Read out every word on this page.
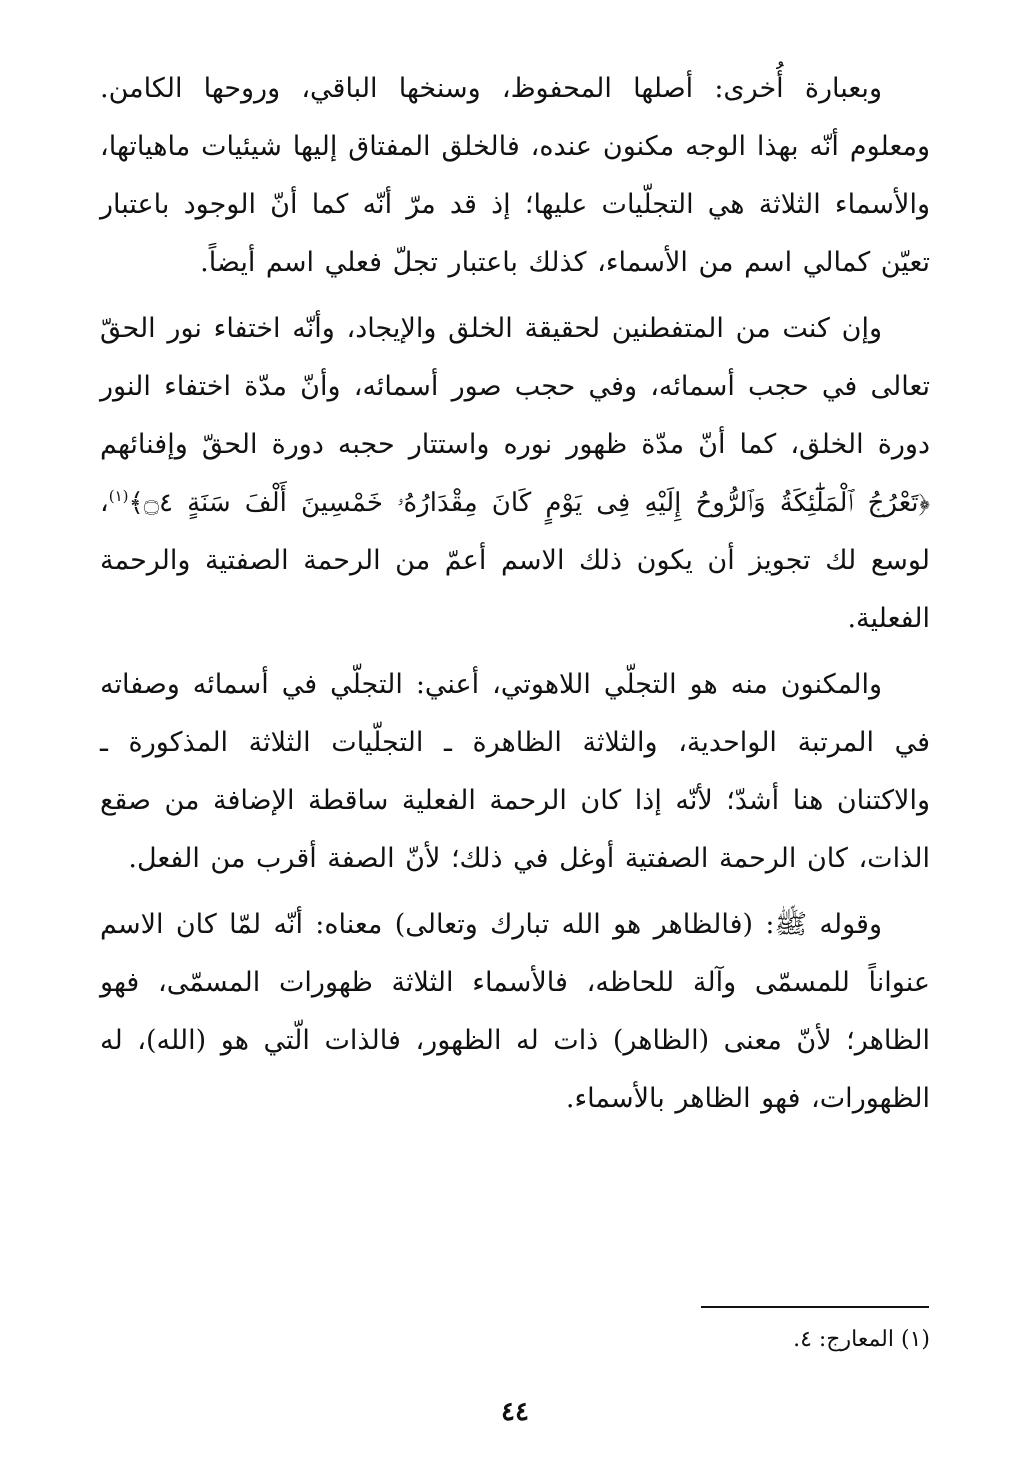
وبعبارة أُخرى: أصلها المحفوظ، وسنخها الباقي، وروحها الكامن. ومعلوم أنّه بهذا الوجه مكنون عنده، فالخلق المفتاق إليها شيئيات ماهياتها، والأسماء الثلاثة هي التجلّيات عليها؛ إذ قد مرّ أنّه كما أنّ الوجود باعتبار تعيّن كمالي اسم من الأسماء، كذلك باعتبار تجلّ فعلي اسم أيضاً.

وإن كنت من المتفطنين لحقيقة الخلق والإيجاد، وأنّه اختفاء نور الحقّ تعالى في حجب أسمائه، وفي حجب صور أسمائه، وأنّ مدّة اختفاء النور دورة الخلق، كما أنّ مدّة ظهور نوره واستتار حجبه دورة الحقّ وإفنائهم ﴿تَعْرُجُ ٱلْمَلَٰٓئِكَةُ وَٱلرُّوحُ إِلَيْهِ فِى يَوْمٍ كَانَ مِقْدَارُهُۥ خَمْسِينَ أَلْفَ سَنَةٍ ۝٤﴾$^{(١)}$، لوسع لك تجويز أن يكون ذلك الاسم أعمّ من الرحمة الصفتية والرحمة الفعلية.

والمكنون منه هو التجلّي اللاهوتي، أعني: التجلّي في أسمائه وصفاته في المرتبة الواحدية، والثلاثة الظاهرة ـ التجلّيات الثلاثة المذكورة ـ والاكتنان هنا أشدّ؛ لأنّه إذا كان الرحمة الفعلية ساقطة الإضافة من صقع الذات، كان الرحمة الصفتية أوغل في ذلك؛ لأنّ الصفة أقرب من الفعل.

وقوله ﷺ: (فالظاهر هو الله تبارك وتعالى) معناه: أنّه لمّا كان الاسم عنواناً للمسمّى وآلة للحاظه، فالأسماء الثلاثة ظهورات المسمّى، فهو الظاهر؛ لأنّ معنى (الظاهر) ذات له الظهور، فالذات الّتي هو (الله)، له الظهورات، فهو الظاهر بالأسماء.

(١) المعارج: ٤.
٤٤
